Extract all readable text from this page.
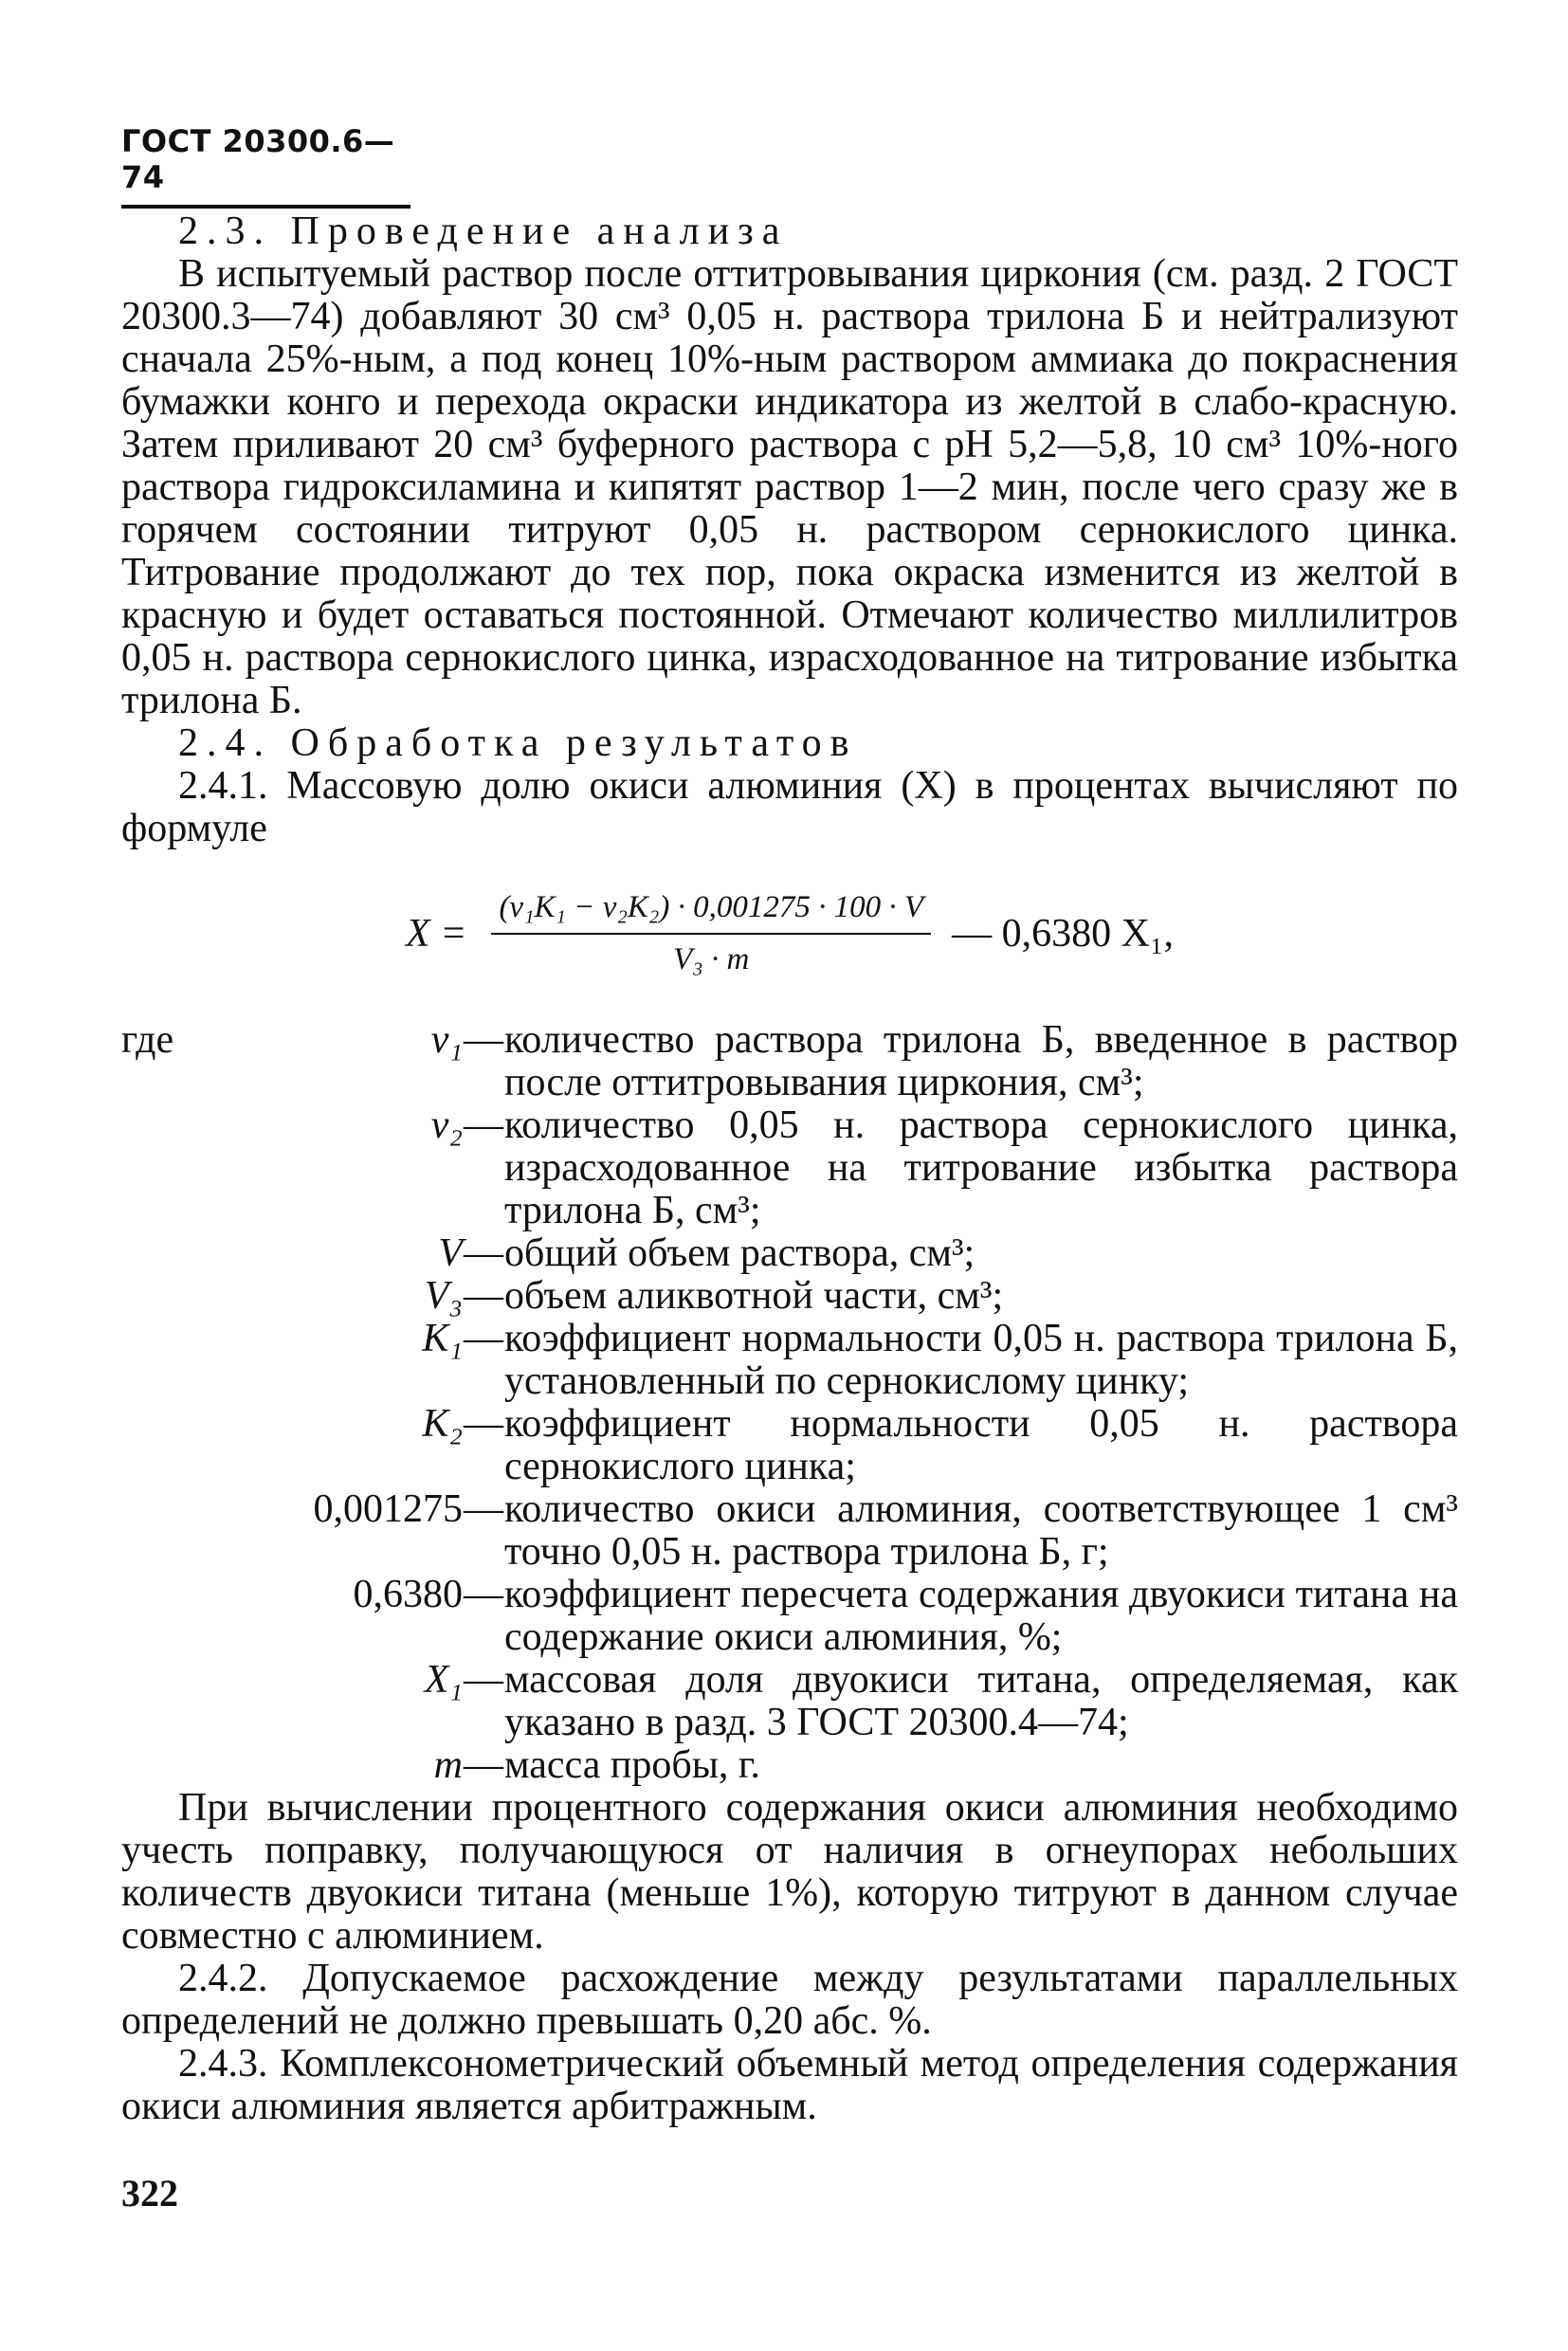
ГОСТ 20300.6—74

2.3. Проведение анализа

В испытуемый раствор после оттитровывания циркония (см. разд. 2 ГОСТ 20300.3—74) добавляют 30 см³ 0,05 н. раствора трилона Б и нейтрализуют сначала 25%-ным, а под конец 10%-ным раствором аммиака до покраснения бумажки конго и перехода окраски индикатора из желтой в слабо-красную. Затем приливают 20 см³ буферного раствора с pH 5,2—5,8, 10 см³ 10%-ного раствора гидроксиламина и кипятят раствор 1—2 мин, после чего сразу же в горячем состоянии титруют 0,05 н. раствором сернокислого цинка. Титрование продолжают до тех пор, пока окраска изменится из желтой в красную и будет оставаться постоянной. Отмечают количество миллилитров 0,05 н. раствора сернокислого цинка, израсходованное на титрование избытка трилона Б.

2.4. Обработка результатов

2.4.1. Массовую долю окиси алюминия (X) в процентах вычисляют по формуле

$X = \frac{\text{(v₁K₁ − v₂K₂) · 0,001275 · 100 · V}}{\text{V₃ · m}}$ — 0,6380 X₁,
где	v₁ — количество раствора трилона Б, введенное в раствор после оттитровывания циркония, см³;
v₂ — количество 0,05 н. раствора сернокислого цинка, израсходованное на титрование избытка раствора трилона Б, см³;
V — общий объем раствора, см³;
V₃ — объем аликвотной части, см³;
K₁ — коэффициент нормальности 0,05 н. раствора трилона Б, установленный по сернокислому цинку;
K₂ — коэффициент нормальности 0,05 н. раствора сернокислого цинка;
0,001275 — количество окиси алюминия, соответствующее 1 см³ точно 0,05 н. раствора трилона Б, г;
0,6380 — коэффициент пересчета содержания двуокиси титана на содержание окиси алюминия, %;
X₁ — массовая доля двуокиси титана, определяемая, как указано в разд. 3 ГОСТ 20300.4—74;
m — масса пробы, г.

При вычислении процентного содержания окиси алюминия необходимо учесть поправку, получающуюся от наличия в огнеупорах небольших количеств двуокиси титана (меньше 1%), которую титруют в данном случае совместно с алюминием.

2.4.2. Допускаемое расхождение между результатами параллельных определений не должно превышать 0,20 абс. %.

2.4.3. Комплексонометрический объемный метод определения содержания окиси алюминия является арбитражным.

322
